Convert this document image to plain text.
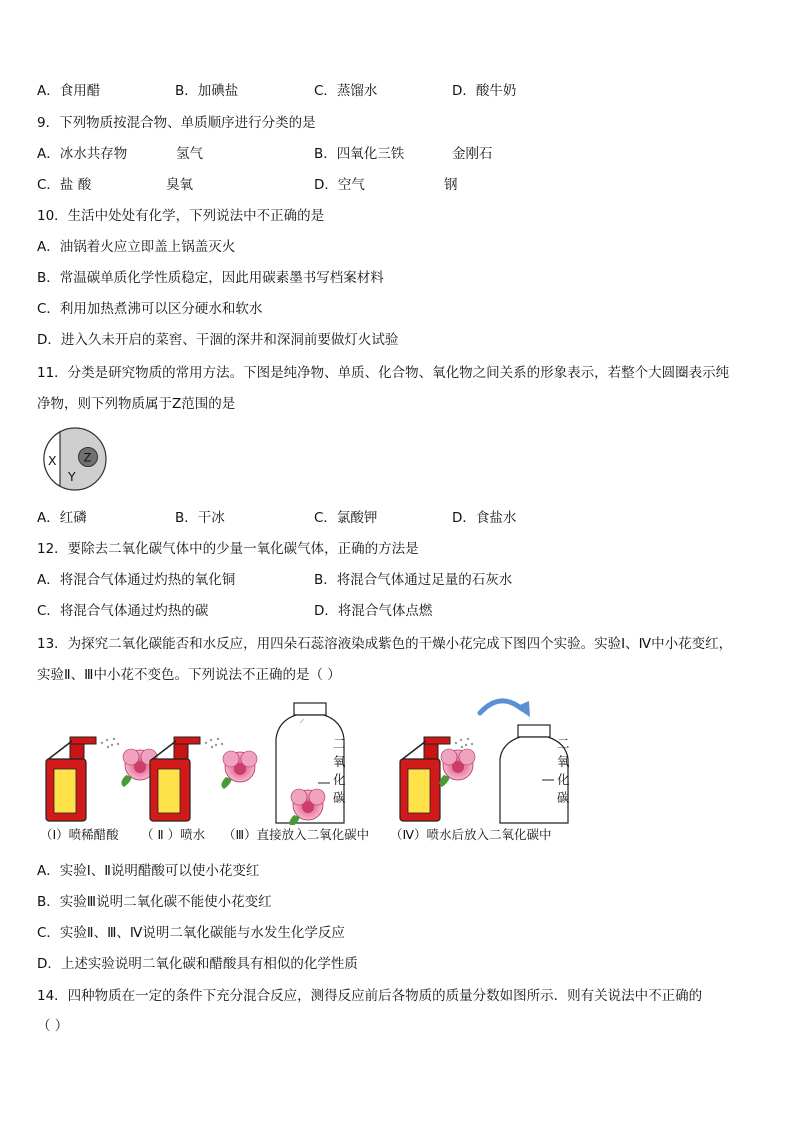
A．食用醋	B．加碘盐	C．蒸馏水	D．酸牛奶
9．下列物质按混合物、单质顺序进行分类的是
A．冰水共存物	氢气	B．四氧化三铁	金刚石
C．盐 酸	臭氧	D．空气	钢
10．生活中处处有化学，下列说法中不正确的是
A．油锅着火应立即盖上锅盖灭火
B．常温碳单质化学性质稳定，因此用碳素墨书写档案材料
C．利用加热煮沸可以区分硬水和软水
D．进入久未开启的菜窖、干涸的深井和深洞前要做灯火试验
11．分类是研究物质的常用方法。下图是纯净物、单质、化合物、氧化物之间关系的形象表示，若整个大圆圈表示纯
净物，则下列物质属于Z范围的是
X
Y
Z
A．红磷	B．干冰	C．氯酸钾	D．食盐水
12．要除去二氧化碳气体中的少量一氧化碳气体，正确的方法是
A．将混合气体通过灼热的氧化铜	B．将混合气体通过足量的石灰水
C．将混合气体通过灼热的碳	D．将混合气体点燃
13．为探究二氧化碳能否和水反应，用四朵石蕊溶液染成紫色的干燥小花完成下图四个实验。实验Ⅰ、Ⅳ中小花变红，
实验Ⅱ、Ⅲ中小花不变色。下列说法不正确的是（ ）
二
氧
化
碳
二
氧
化
碳
（Ⅰ）喷稀醋酸 （ Ⅱ ）喷水 （Ⅲ）直接放入二氧化碳中 （Ⅳ）喷水后放入二氧化碳中
A．实验Ⅰ、Ⅱ说明醋酸可以使小花变红
B．实验Ⅲ说明二氧化碳不能使小花变红
C．实验Ⅱ、Ⅲ、Ⅳ说明二氧化碳能与水发生化学反应
D．上述实验说明二氧化碳和醋酸具有相似的化学性质
14．四种物质在一定的条件下充分混合反应，测得反应前后各物质的质量分数如图所示．则有关说法中不正确的
（ ）
